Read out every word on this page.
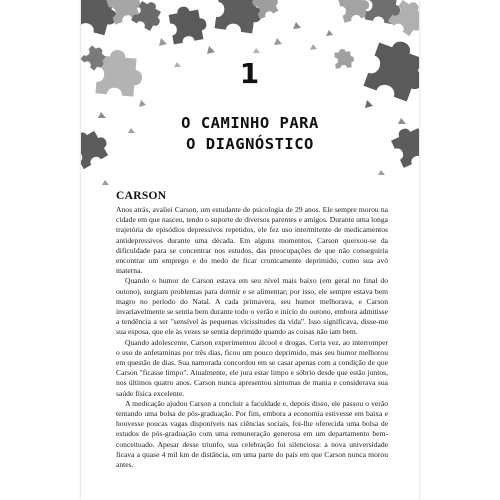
1
O CAMINHO PARA
O DIAGNÓSTICO
CARSON

Anos atrás, avaliei Carson, um estudante de psicologia de 29 anos. Ele sempre morou na cidade em que nasceu, tendo o suporte de diversos parentes e amigos. Durante uma longa trajetória de episódios depressivos repetidos, ele fez uso intermitente de medicamentos antidepressivos durante uma década. Em alguns momentos, Carson queixou-se da dificuldade para se concentrar nos estudos, das preocupações de que não conseguiria encontrar um emprego e do medo de ficar cronicamente deprimido, como sua avó materna.

Quando o humor de Carson estava em seu nível mais baixo (em geral no final do outono), surgiam problemas para dormir e se alimentar; por isso, ele sempre estava bem magro no período do Natal. A cada primavera, seu humor melhorava, e Carson invariavelmente se sentia bem durante todo o verão e início do outono, embora admitisse a tendência a ser "sensível às pequenas vicissitudes da vida". Isso significava, disse-me sua esposa, que ele às vezes se sentia deprimido quando as coisas não iam bem.

Quando adolescente, Carson experimentou álcool e drogas. Certa vez, ao interromper o uso de anfetaminas por três dias, ficou um pouco deprimido, mas seu humor melhorou em questão de dias. Sua namorada concordou em se casar apenas com a condição de que Carson "ficasse limpo". Atualmente, ele jura estar limpo e sóbrio desde que estão juntos, nos últimos quatro anos. Carson nunca apresentou sintomas de mania e considerava sua saúde física excelente.

A medicação ajudou Carson a concluir a faculdade e, depois disso, ele passou o verão tentando uma bolsa de pós-graduação. Por fim, embora a economia estivesse em baixa e houvesse poucas vagas disponíveis nas ciências sociais, foi-lhe oferecida uma bolsa de estudos de pós-graduação com uma remuneração generosa em um departamento bem-conceituado. Apesar desse triunfo, sua celebração foi silenciosa: a nova universidade ficava a quase 4 mil km de distância, em uma parte do país em que Carson nunca morou antes.
